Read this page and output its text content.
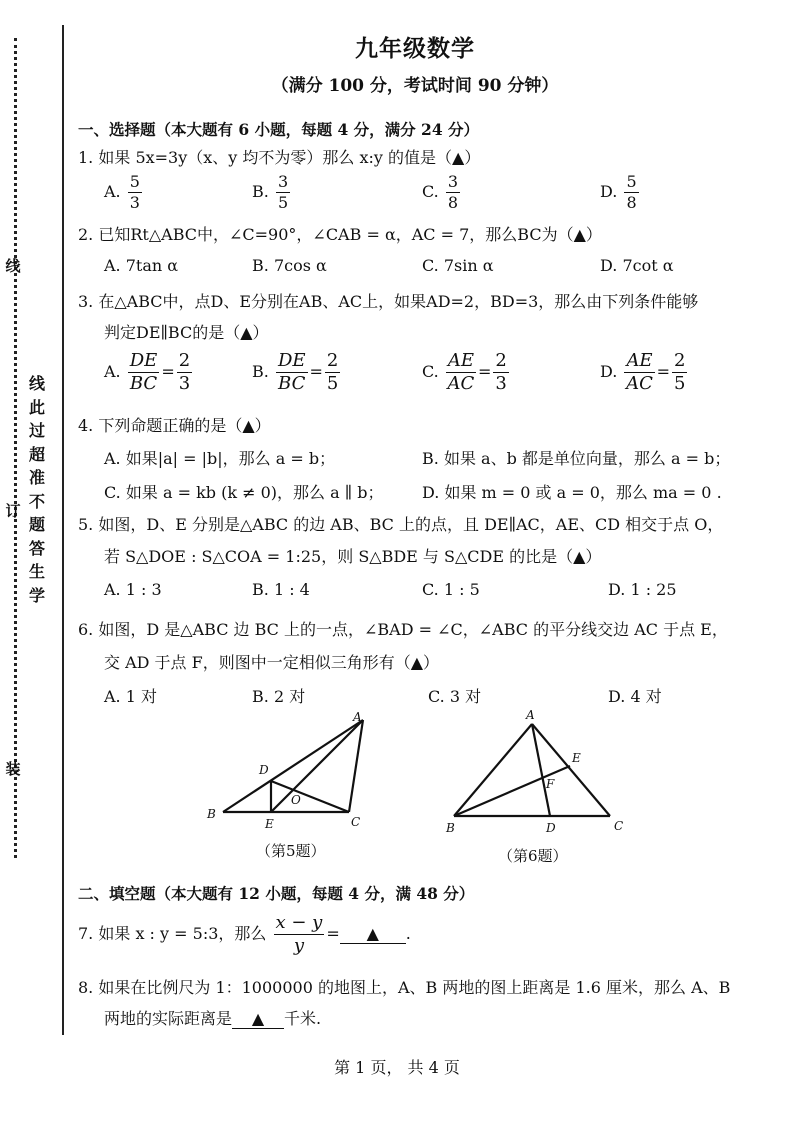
线
订
装
线
此
过
超
准
不
题
答
生
学
九年级数学
（满分 100 分，考试时间 90 分钟）
一、选择题（本大题有 6 小题，每题 4 分，满分 24 分）
1. 如果 5x=3y（x、y 均不为零）那么 x:y 的值是（▲）
A. $\frac{5}{3}$	B. $\frac{3}{5}$	C. $\frac{3}{8}$	D. $\frac{5}{8}$
2. 已知Rt△ABC中，∠C=90°，∠CAB = α，AC = 7，那么BC为（▲）
A. 7tan α	B. 7cos α	C. 7sin α	D. 7cot α
3. 在△ABC中，点D、E分别在AB、AC上，如果AD=2，BD=3，那么由下列条件能够
判定DE∥BC的是（▲）
A. $\frac{DE}{BC} = \frac{2}{3}$	B. $\frac{DE}{BC} = \frac{2}{5}$	C. $\frac{AE}{AC} = \frac{2}{3}$	D. $\frac{AE}{AC} = \frac{2}{5}$
4. 下列命题正确的是（▲）
A. 如果|a| = |b|，那么 a = b；	B. 如果 a、b 都是单位向量，那么 a = b；
C. 如果 a = kb (k ≠ 0)，那么 a ∥ b； D. 如果 m = 0 或 a = 0，那么 ma = 0 .
5. 如图，D、E 分别是△ABC 的边 AB、BC 上的点，且 DE∥AC，AE、CD 相交于点 O，
若 S△DOE : S△COA = 1:25，则 S△BDE 与 S△CDE 的比是（▲）
A. 1 : 3	B. 1 : 4	C. 1 : 5	D. 1 : 25
6. 如图，D 是△ABC 边 BC 上的一点，∠BAD = ∠C，∠ABC 的平分线交边 AC 于点 E，
交 AD 于点 F，则图中一定相似三角形有（▲）
A. 1 对	B. 2 对	C. 3 对	D. 4 对
A
B
C
D
E
O
（第5题）
A
B	C
D
E
F
（第6题）
二、填空题（本大题有 12 小题，每题 4 分，满 48 分）
7. 如果 x : y = 5:3，那么 $\frac{x - y}{y}$ = ▲ .
8. 如果在比例尺为 1：1000000 的地图上，A、B 两地的图上距离是 1.6 厘米，那么 A、B
两地的实际距离是 ▲ 千米.
第 1 页， 共 4 页
